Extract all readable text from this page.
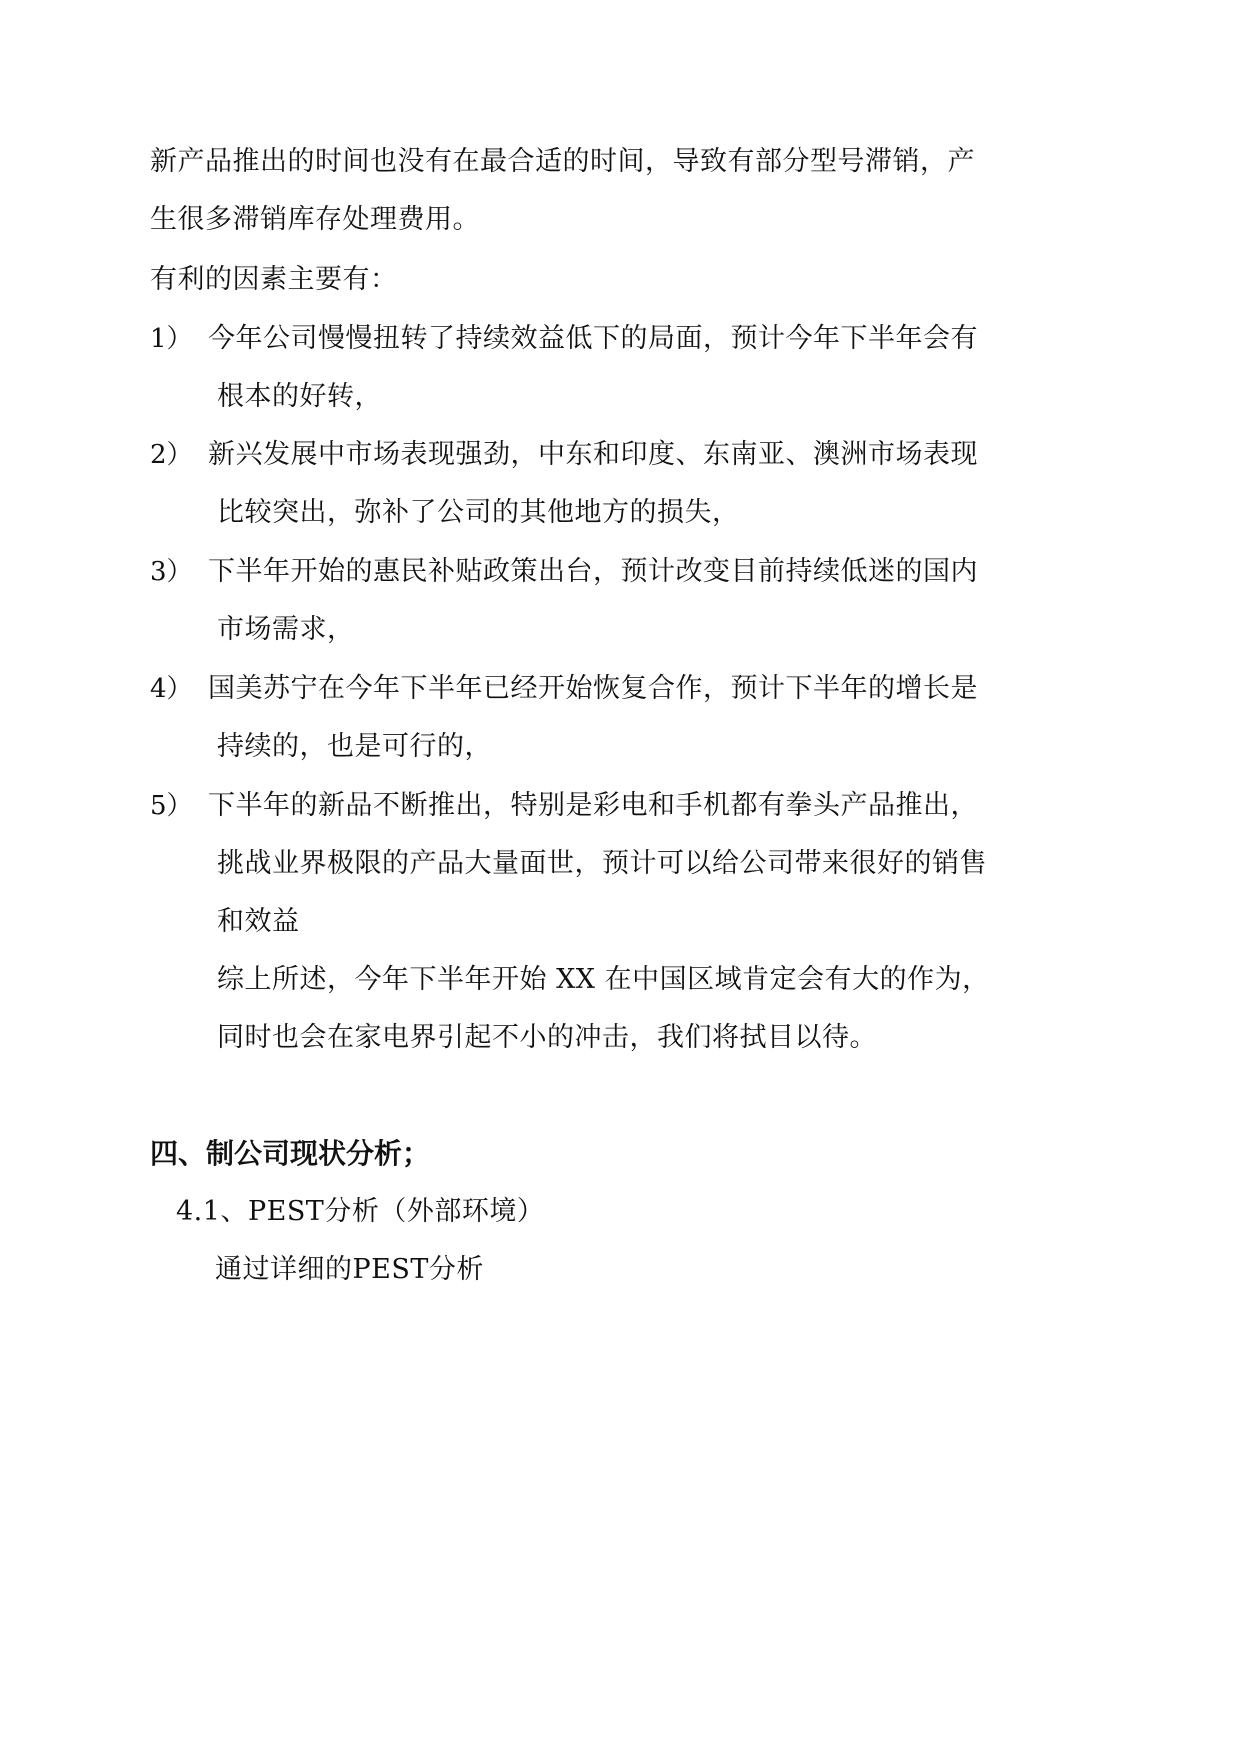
新产品推出的时间也没有在最合适的时间，导致有部分型号滞销，产
生很多滞销库存处理费用。
有利的因素主要有：
1） 今年公司慢慢扭转了持续效益低下的局面，预计今年下半年会有
根本的好转，
2） 新兴发展中市场表现强劲，中东和印度、东南亚、澳洲市场表现
比较突出，弥补了公司的其他地方的损失，
3） 下半年开始的惠民补贴政策出台，预计改变目前持续低迷的国内
市场需求，
4） 国美苏宁在今年下半年已经开始恢复合作，预计下半年的增长是
持续的，也是可行的，
5） 下半年的新品不断推出，特别是彩电和手机都有拳头产品推出，
挑战业界极限的产品大量面世，预计可以给公司带来很好的销售
和效益
综上所述，今年下半年开始 XX 在中国区域肯定会有大的作为，
同时也会在家电界引起不小的冲击，我们将拭目以待。
四、制公司现状分析；
4.1、PEST分析（外部环境）
通过详细的PEST分析
